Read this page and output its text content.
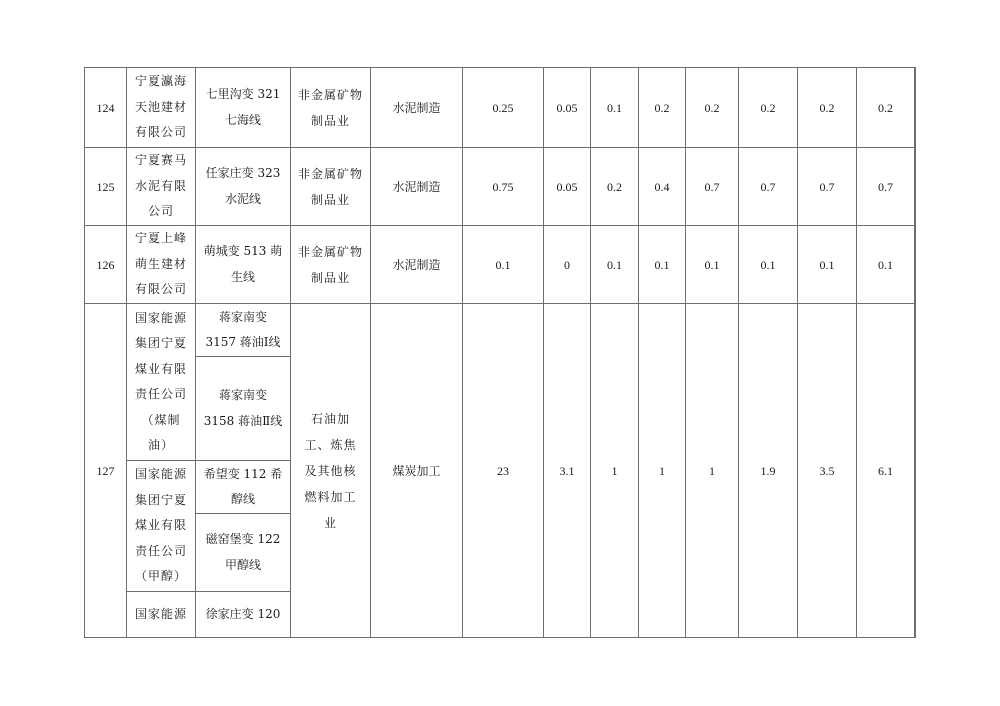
124	宁夏瀛海天池建材有限公司	七里沟变 321 七海线	非金属矿物制品业	水泥制造	0.25	0.05	0.1	0.2	0.2	0.2	0.2	0.2	
125	宁夏赛马水泥有限公司	任家庄变 323 水泥线	非金属矿物制品业	水泥制造	0.75	0.05	0.2	0.4	0.7	0.7	0.7	0.7	
126	宁夏上峰萌生建材有限公司	萌城变 513 萌生线	非金属矿物制品业	水泥制造	0.1	0	0.1	0.1	0.1	0.1	0.1	0.1	
127	国家能源集团宁夏煤业有限责任公司（煤制油）	蒋家南变 3157 蒋油Ⅰ线	石油加工、炼焦及其他核燃料加工业	煤炭加工	23	3.1	1	1	1	1.9	3.5	6.1	

		蒋家南变 3158 蒋油Ⅱ线											

	国家能源集团宁夏煤业有限责任公司（甲醇）	希望变 112 希醇线											

		磁窑堡变 122 甲醇线											

	国家能源	徐家庄变 120											
